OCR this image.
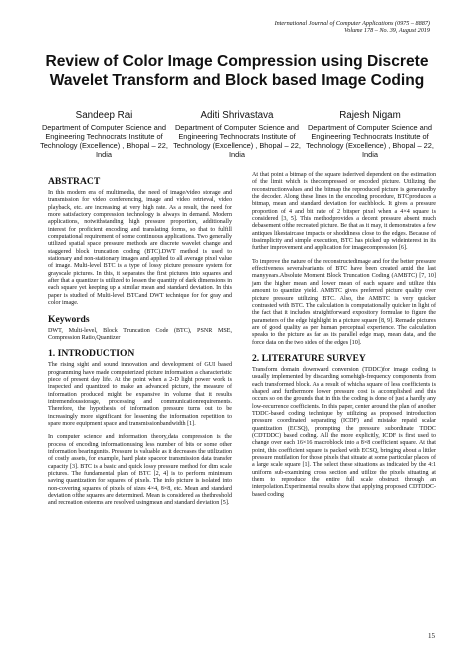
International Journal of Computer Applications (0975 – 8887)
Volume 178 – No. 39, August 2019
Review of Color Image Compression using Discrete Wavelet Transform and Block based Image Coding
Sandeep Rai
Department of Computer Science and Engineering Technocrats Institute of Technology (Excellence) , Bhopal – 22, India
Aditi Shrivastava
Department of Computer Science and Engineering Technocrats Institute of Technology (Excellence) , Bhopal – 22, India
Rajesh Nigam
Department of Computer Science and Engineering Technocrats Institute of Technology (Excellence) , Bhopal – 22, India
ABSTRACT

In this modern era of multimedia, the need of image/video storage and transmission for video conferencing, image and video retrieval, video playback, etc. are increasing at very high rate. As a result, the need for more satisfactory compression technology is always in demand. Modern applications, notwithstanding high pressure proportion, additionally interest for proficient encoding and translating forms, so that to fulfill computational requirement of some continuous applications. Two generally utilized spatial space pressure methods are discrete wavelet change and staggered block truncation coding (BTC).DWT method is used to stationary and non-stationary images and applied to all average pixel value of image. Multi-level BTC is a type of lossy picture pressure system for grayscale pictures. In this, it separates the first pictures into squares and after that a quantizer is utilized to lessen the quantity of dark dimensions in each square yet keeping up a similar mean and standard deviation. In this paper is studied of Multi-level BTCand DWT technique for for gray and color image.

Keywords

DWT, Multi-level, Block Truncation Code (BTC), PSNR MSE, Compression Ratio,Quantizer

1. INTRODUCTION

The rising sight and sound innovation and development of GUI based programming have made computerized picture information a characteristic piece of present day life. At the point when a 2-D light power work is inspected and quantized to make an advanced picture, the measure of information produced might be expansive in volume that it results intremendousstorage, processing and communicationrequirements. Therefore, the hypothesis of information pressure turns out to be increasingly more significant for lessening the information repetition to spare more equipment space and transmissionbandwidth [1].

In computer science and information theory,data compression is the process of encoding informationusing less number of bits or some other information bearingunits. Pressure is valuable as it decreases the utilization of costly assets, for example, hard plate spaceor transmission data transfer capacity [3]. BTC is a basic and quick lossy pressure method for dim scale pictures. The fundamental plan of BTC [2, 4] is to perform minimum saving quantization for squares of pixels. The info picture is isolated into non-covering squares of pixels of sizes 4×4, 8×8, etc. Mean and standard deviation ofthe squares are determined. Mean is considered as thethreshold and recreation esteems are resolved usingmean and standard deviation [5].

At that point a bitmap of the square isderived dependent on the estimation of the limit which is thecompressed or encoded picture. Utilizing the reconstructionvalues and the bitmap the reproduced picture is generatedby the decoder. Along these lines in the encoding procedure, BTCproduces a bitmap, mean and standard deviation for eachblock. It gives a pressure proportion of 4 and bit rate of 2 bitsper pixel when a 4×4 square is considered [3, 5]. This methodprovides a decent pressure absent much debasement ofthe recreated picture. Be that as it may, it demonstrates a few antiques likestaircase impacts or shoddiness close to the edges. Because of itssimplicity and simple execution, BTC has picked up wideinterest in its further improvement and application for imagecompression [6].

To improve the nature of the reconstructedimage and for the better pressure effectiveness severalvariants of BTC have been created amid the last manyyears.Absolute Moment Block Truncation Coding (AMBTC) [7, 10] jam the higher mean and lower mean of each square and utilize this amount to quantize yield. AMBTC gives preferred picture quality over picture pressure utilizing BTC. Also, the AMBTC is very quicker contrasted with BTC. The calculation is computationally quicker in light of the fact that it includes straightforward expository formulae to figure the parameters of the edge highlight in a picture square [8, 9]. Remade pictures are of good quality as per human perceptual experience. The calculation speaks to the picture as far as its parallel edge map, mean data, and the force data on the two sides of the edges [10].

2. LITERATURE SURVEY

Transform domain downward conversion (TDDC)for image coding is usually implemented by discarding somehigh-frequency components from each transformed block. As a result of whicha square of less coefficients is shaped and furthermore lower pressure cost is accomplished and this occurs so on the grounds that in this the coding is done of just a hardly any low-recurrence coefficients. In this paper, center around the plan of another TDDC-based coding technique by utilizing as proposed introduction pressure coordinated separating (ICDF) and mistake repaid scalar quantization (ECSQ), prompting the pressure subordinate TDDC (CDTDDC) based coding. All the more explicitly, ICDF is first used to change over each 16×16 macroblock into a 8×8 coefficient square. At that point, this coefficient square is packed with ECSQ, bringing about a littler pressure mutilation for those pixels that situate at some particular places of a large scale square [1]. The select these situations as indicated by the 4:1 uniform sub-examining cross section and utilize the pixels situating at them to reproduce the entire full scale obstruct through an interpolation.Experimental results show that applying proposed CDTDDC-based coding

15
